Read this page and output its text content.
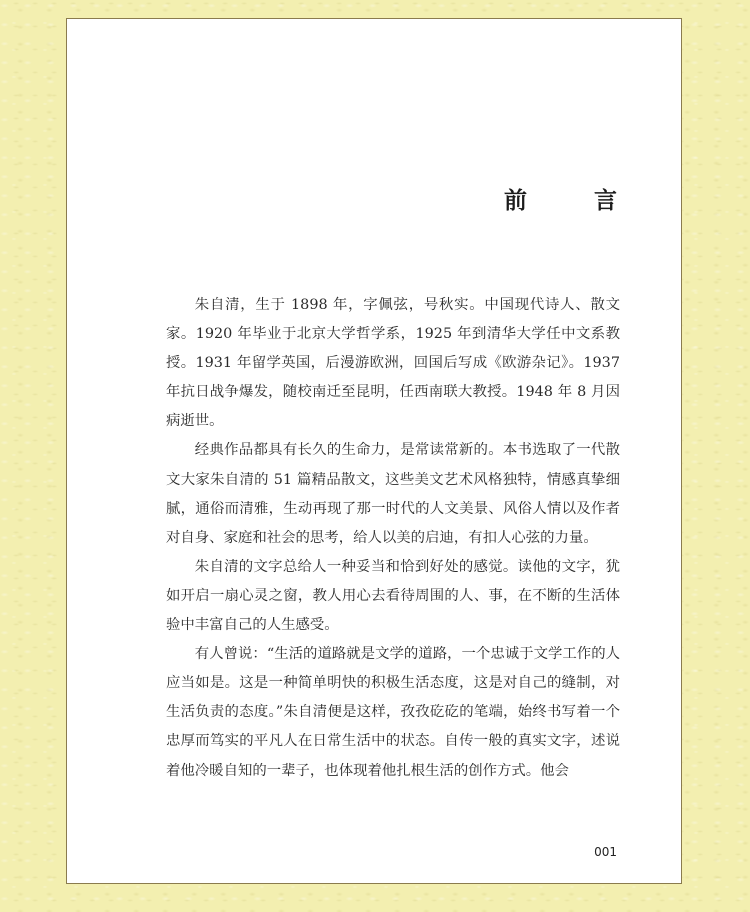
前　言

朱自清，生于 1898 年，字佩弦，号秋实。中国现代诗人、散文家。1920 年毕业于北京大学哲学系，1925 年到清华大学任中文系教授。1931 年留学英国，后漫游欧洲，回国后写成《欧游杂记》。1937 年抗日战争爆发，随校南迁至昆明，任西南联大教授。1948 年 8 月因病逝世。

经典作品都具有长久的生命力，是常读常新的。本书选取了一代散文大家朱自清的 51 篇精品散文，这些美文艺术风格独特，情感真挚细腻，通俗而清雅，生动再现了那一时代的人文美景、风俗人情以及作者对自身、家庭和社会的思考，给人以美的启迪，有扣人心弦的力量。

朱自清的文字总给人一种妥当和恰到好处的感觉。读他的文字，犹如开启一扇心灵之窗，教人用心去看待周围的人、事，在不断的生活体验中丰富自己的人生感受。

有人曾说：“生活的道路就是文学的道路，一个忠诚于文学工作的人应当如是。这是一种简单明快的积极生活态度，这是对自己的缝制，对生活负责的态度。”朱自清便是这样，孜孜矻矻的笔端，始终书写着一个忠厚而笃实的平凡人在日常生活中的状态。自传一般的真实文字，述说着他冷暖自知的一辈子，也体现着他扎根生活的创作方式。他会

001
